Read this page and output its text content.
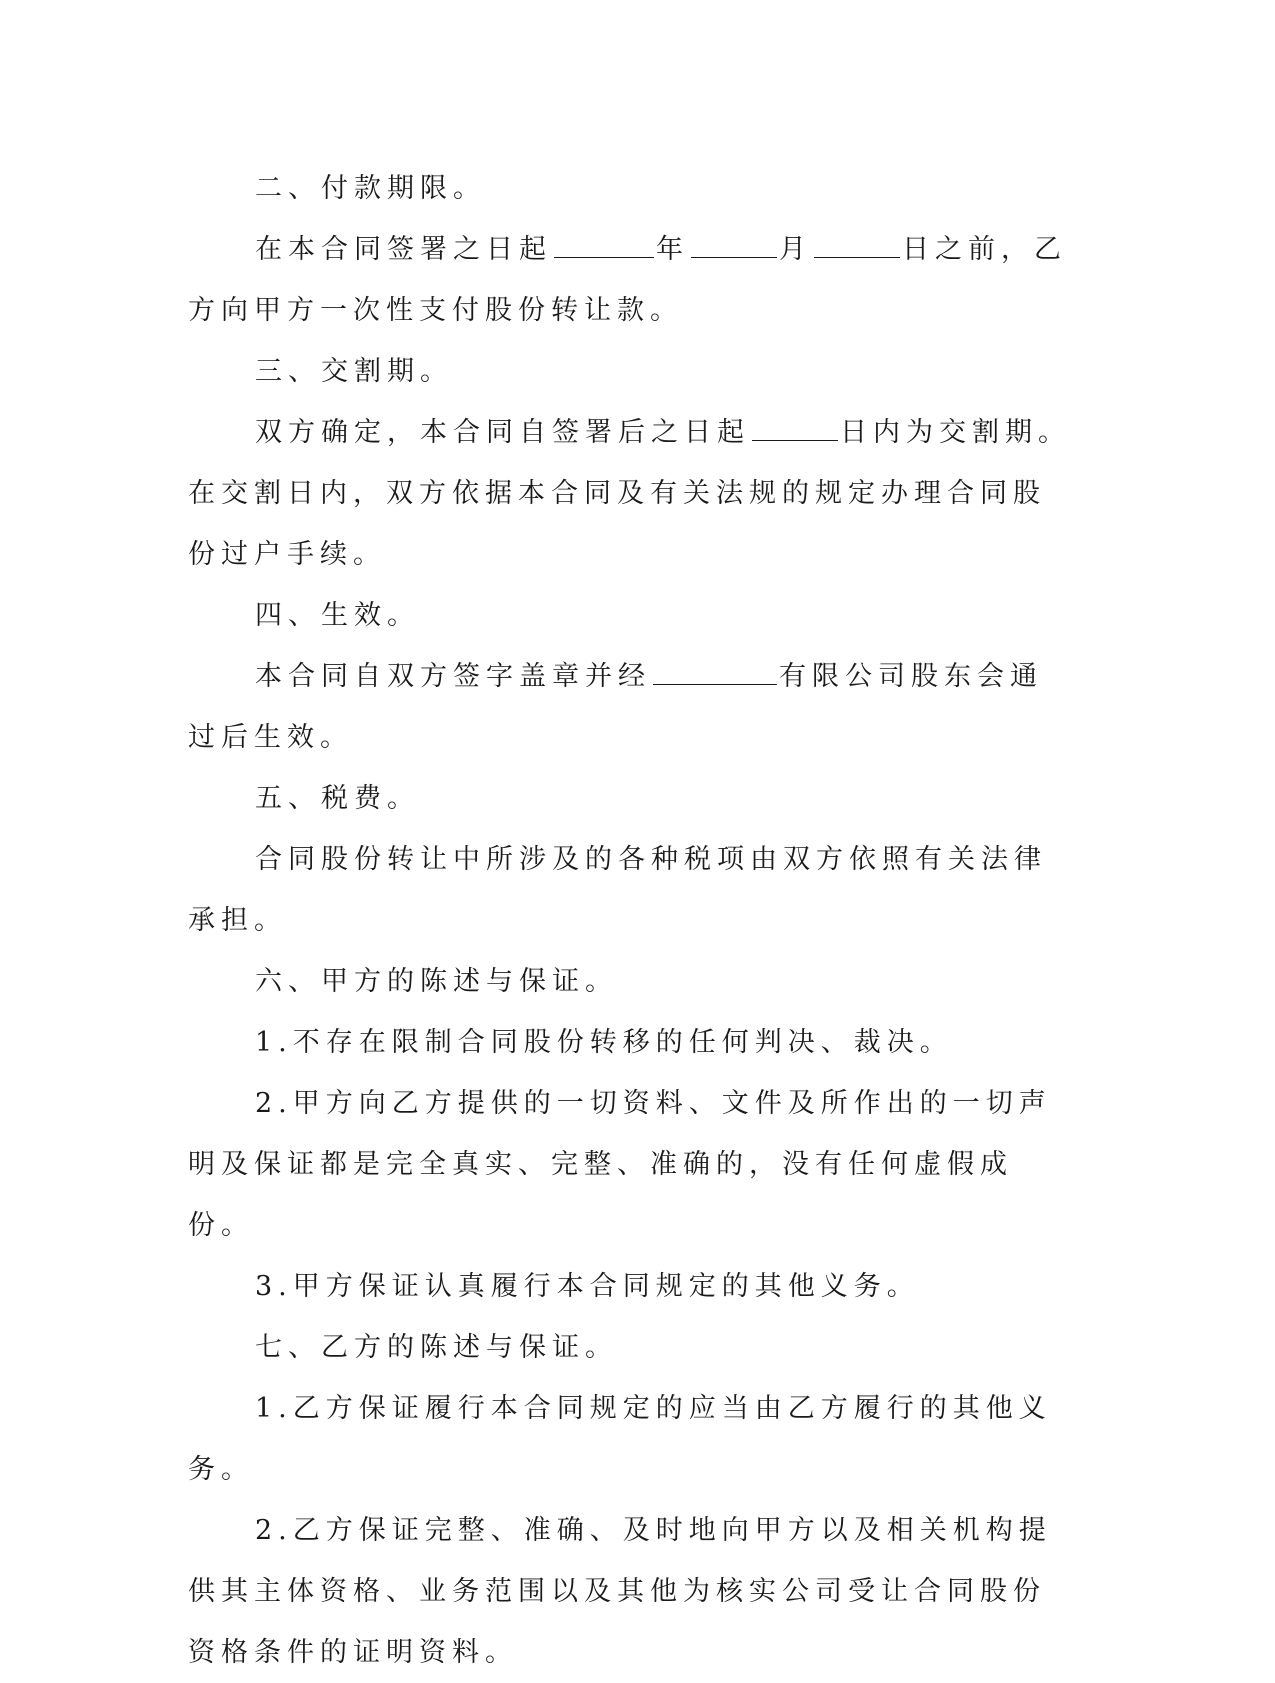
二、付款期限。

在本合同签署之日起	年	月	日之前，乙方向甲方一次性支付股份转让款。

三、交割期。

双方确定，本合同自签署后之日起	日内为交割期。在交割日内，双方依据本合同及有关法规的规定办理合同股份过户手续。

四、生效。

本合同自双方签字盖章并经	有限公司股东会通过后生效。

五、税费。

合同股份转让中所涉及的各种税项由双方依照有关法律承担。

六、甲方的陈述与保证。

1.不存在限制合同股份转移的任何判决、裁决。

2.甲方向乙方提供的一切资料、文件及所作出的一切声明及保证都是完全真实、完整、准确的，没有任何虚假成份。

3.甲方保证认真履行本合同规定的其他义务。

七、乙方的陈述与保证。

1.乙方保证履行本合同规定的应当由乙方履行的其他义务。

2.乙方保证完整、准确、及时地向甲方以及相关机构提供其主体资格、业务范围以及其他为核实公司受让合同股份资格条件的证明资料。
